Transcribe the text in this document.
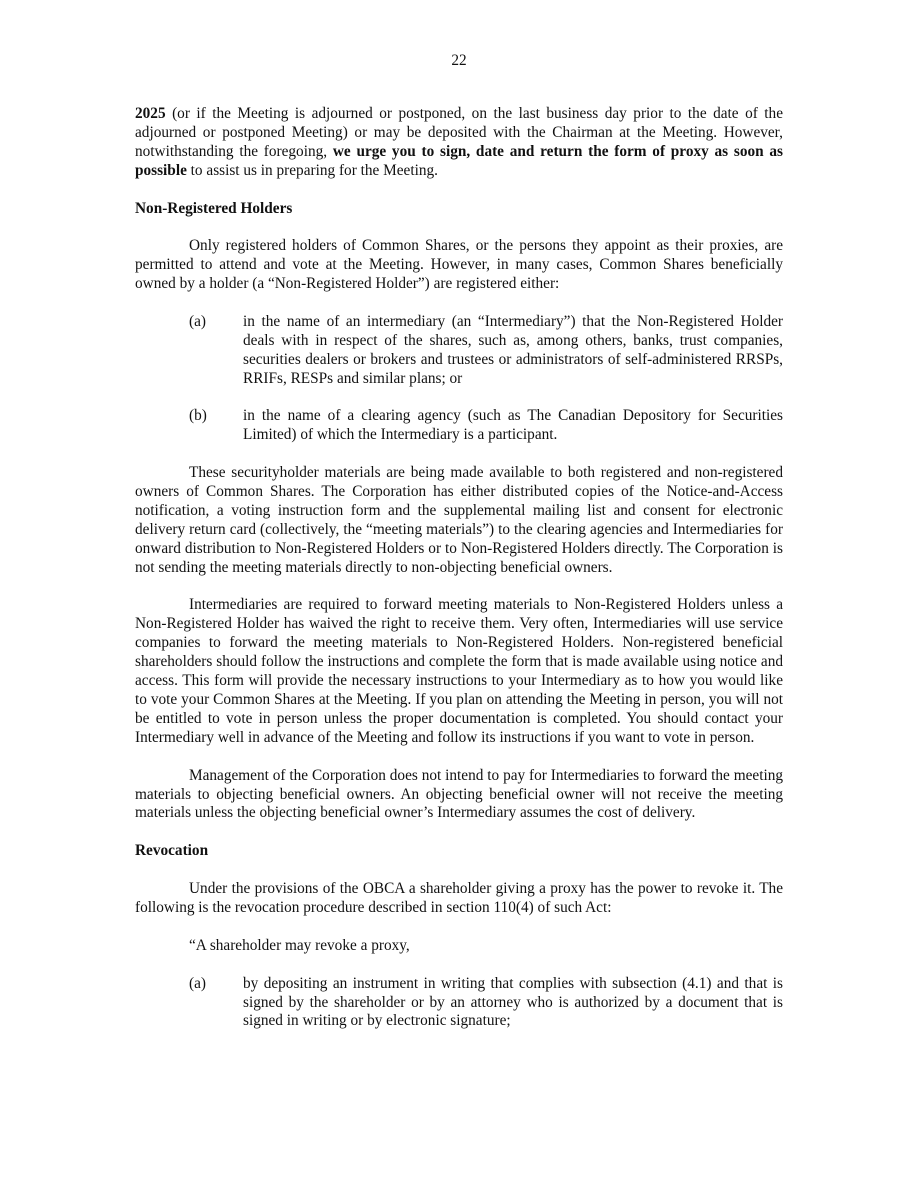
22

2025 (or if the Meeting is adjourned or postponed, on the last business day prior to the date of the adjourned or postponed Meeting) or may be deposited with the Chairman at the Meeting. However, notwithstanding the foregoing, we urge you to sign, date and return the form of proxy as soon as possible to assist us in preparing for the Meeting.

Non-Registered Holders

Only registered holders of Common Shares, or the persons they appoint as their proxies, are permitted to attend and vote at the Meeting. However, in many cases, Common Shares beneficially owned by a holder (a “Non-Registered Holder”) are registered either:

(a)	in the name of an intermediary (an “Intermediary”) that the Non-Registered Holder deals with in respect of the shares, such as, among others, banks, trust companies, securities dealers or brokers and trustees or administrators of self-administered RRSPs, RRIFs, RESPs and similar plans; or
(b)	in the name of a clearing agency (such as The Canadian Depository for Securities Limited) of which the Intermediary is a participant.

These securityholder materials are being made available to both registered and non-registered owners of Common Shares. The Corporation has either distributed copies of the Notice-and-Access notification, a voting instruction form and the supplemental mailing list and consent for electronic delivery return card (collectively, the “meeting materials”) to the clearing agencies and Intermediaries for onward distribution to Non-Registered Holders or to Non-Registered Holders directly. The Corporation is not sending the meeting materials directly to non-objecting beneficial owners.

Intermediaries are required to forward meeting materials to Non-Registered Holders unless a Non-Registered Holder has waived the right to receive them. Very often, Intermediaries will use service companies to forward the meeting materials to Non-Registered Holders. Non-registered beneficial shareholders should follow the instructions and complete the form that is made available using notice and access. This form will provide the necessary instructions to your Intermediary as to how you would like to vote your Common Shares at the Meeting. If you plan on attending the Meeting in person, you will not be entitled to vote in person unless the proper documentation is completed. You should contact your Intermediary well in advance of the Meeting and follow its instructions if you want to vote in person.

Management of the Corporation does not intend to pay for Intermediaries to forward the meeting materials to objecting beneficial owners. An objecting beneficial owner will not receive the meeting materials unless the objecting beneficial owner’s Intermediary assumes the cost of delivery.

Revocation

Under the provisions of the OBCA a shareholder giving a proxy has the power to revoke it. The following is the revocation procedure described in section 110(4) of such Act:

“A shareholder may revoke a proxy,

(a)	by depositing an instrument in writing that complies with subsection (4.1) and that is signed by the shareholder or by an attorney who is authorized by a document that is signed in writing or by electronic signature;
